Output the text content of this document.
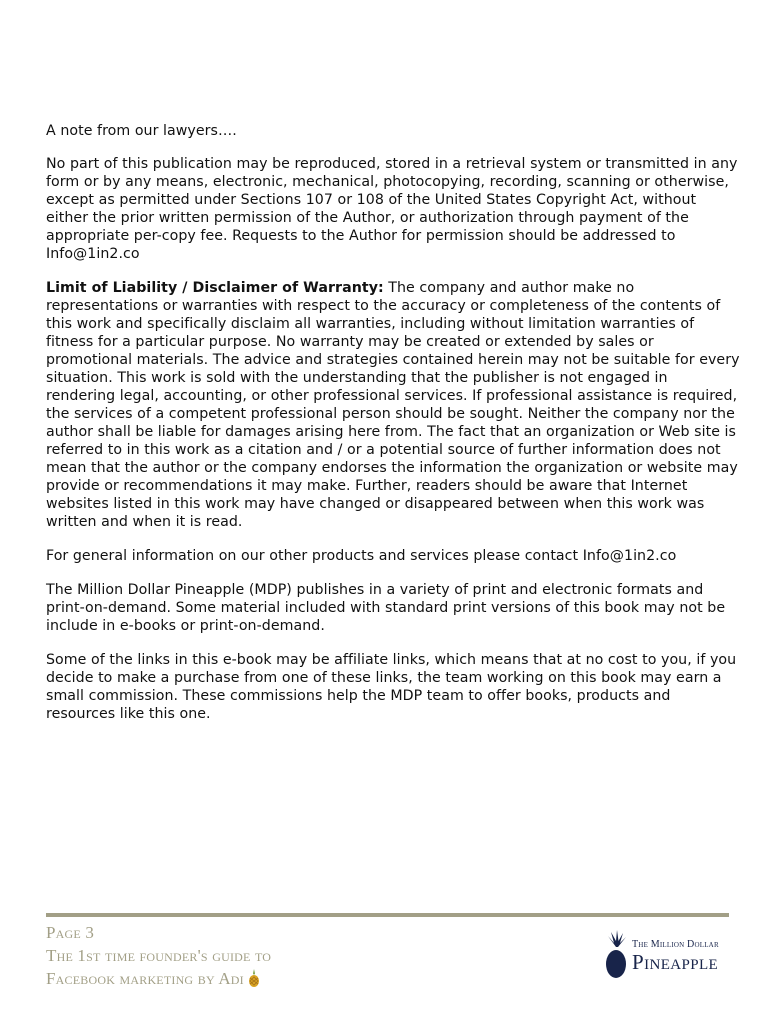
A note from our lawyers….

No part of this publication may be reproduced, stored in a retrieval system or transmitted in any form or by any means, electronic, mechanical, photocopying, recording, scanning or otherwise, except as permitted under Sections 107 or 108 of the United States Copyright Act, without either the prior written permission of the Author, or authorization through payment of the appropriate per-copy fee. Requests to the Author for permission should be addressed to Info@1in2.co

Limit of Liability / Disclaimer of Warranty: The company and author make no representations or warranties with respect to the accuracy or completeness of the contents of this work and specifically disclaim all warranties, including without limitation warranties of fitness for a particular purpose. No warranty may be created or extended by sales or promotional materials. The advice and strategies contained herein may not be suitable for every situation. This work is sold with the understanding that the publisher is not engaged in rendering legal, accounting, or other professional services. If professional assistance is required, the services of a competent professional person should be sought. Neither the company nor the author shall be liable for damages arising here from. The fact that an organization or Web site is referred to in this work as a citation and / or a potential source of further information does not mean that the author or the company endorses the information the organization or website may provide or recommendations it may make. Further, readers should be aware that Internet websites listed in this work may have changed or disappeared between when this work was written and when it is read.

For general information on our other products and services please contact Info@1in2.co

The Million Dollar Pineapple (MDP) publishes in a variety of print and electronic formats and print-on-demand. Some material included with standard print versions of this book may not be include in e-books or print-on-demand.

Some of the links in this e-book may be affiliate links, which means that at no cost to you, if you decide to make a purchase from one of these links, the team working on this book may earn a small commission. These commissions help the MDP team to offer books, products and resources like this one.

Page 3
The 1st time founder's guide to
Facebook marketing by Adi
The Million Dollar
Pineapple
